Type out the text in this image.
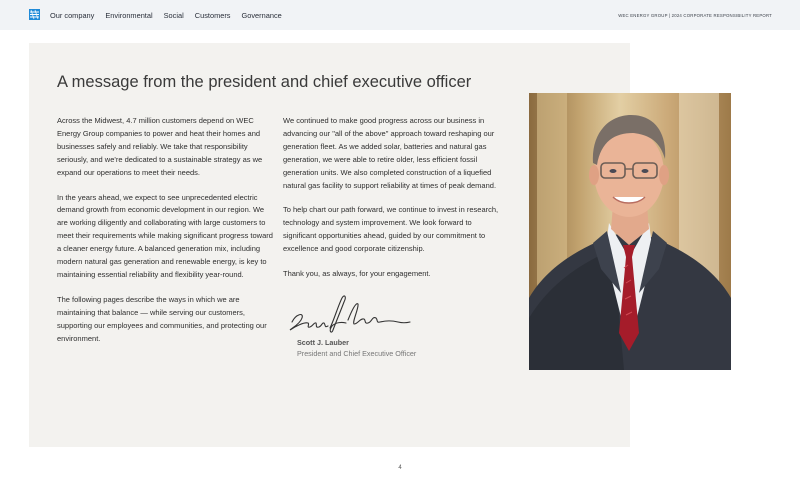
Our company Environmental Social Customers Governance	WEC ENERGY GROUP | 2024 CORPORATE RESPONSIBILITY REPORT
A message from the president and chief executive officer

Across the Midwest, 4.7 million customers depend on WEC Energy Group companies to power and heat their homes and businesses safely and reliably. We take that responsibility seriously, and we're dedicated to a sustainable strategy as we expand our operations to meet their needs.

In the years ahead, we expect to see unprecedented electric demand growth from economic development in our region. We are working diligently and collaborating with large customers to meet their requirements while making significant progress toward a cleaner energy future. A balanced generation mix, including modern natural gas generation and renewable energy, is key to maintaining essential reliability and flexibility year-round.

The following pages describe the ways in which we are maintaining that balance — while serving our customers, supporting our employees and communities, and protecting our environment.

We continued to make good progress across our business in advancing our "all of the above" approach toward reshaping our generation fleet. As we added solar, batteries and natural gas generation, we were able to retire older, less efficient fossil generation units. We also completed construction of a liquefied natural gas facility to support reliability at times of peak demand.

To help chart our path forward, we continue to invest in research, technology and system improvement. We look forward to significant opportunities ahead, guided by our commitment to excellence and good corporate citizenship.

Thank you, as always, for your engagement.

Scott J. Lauber
President and Chief Executive Officer
4
